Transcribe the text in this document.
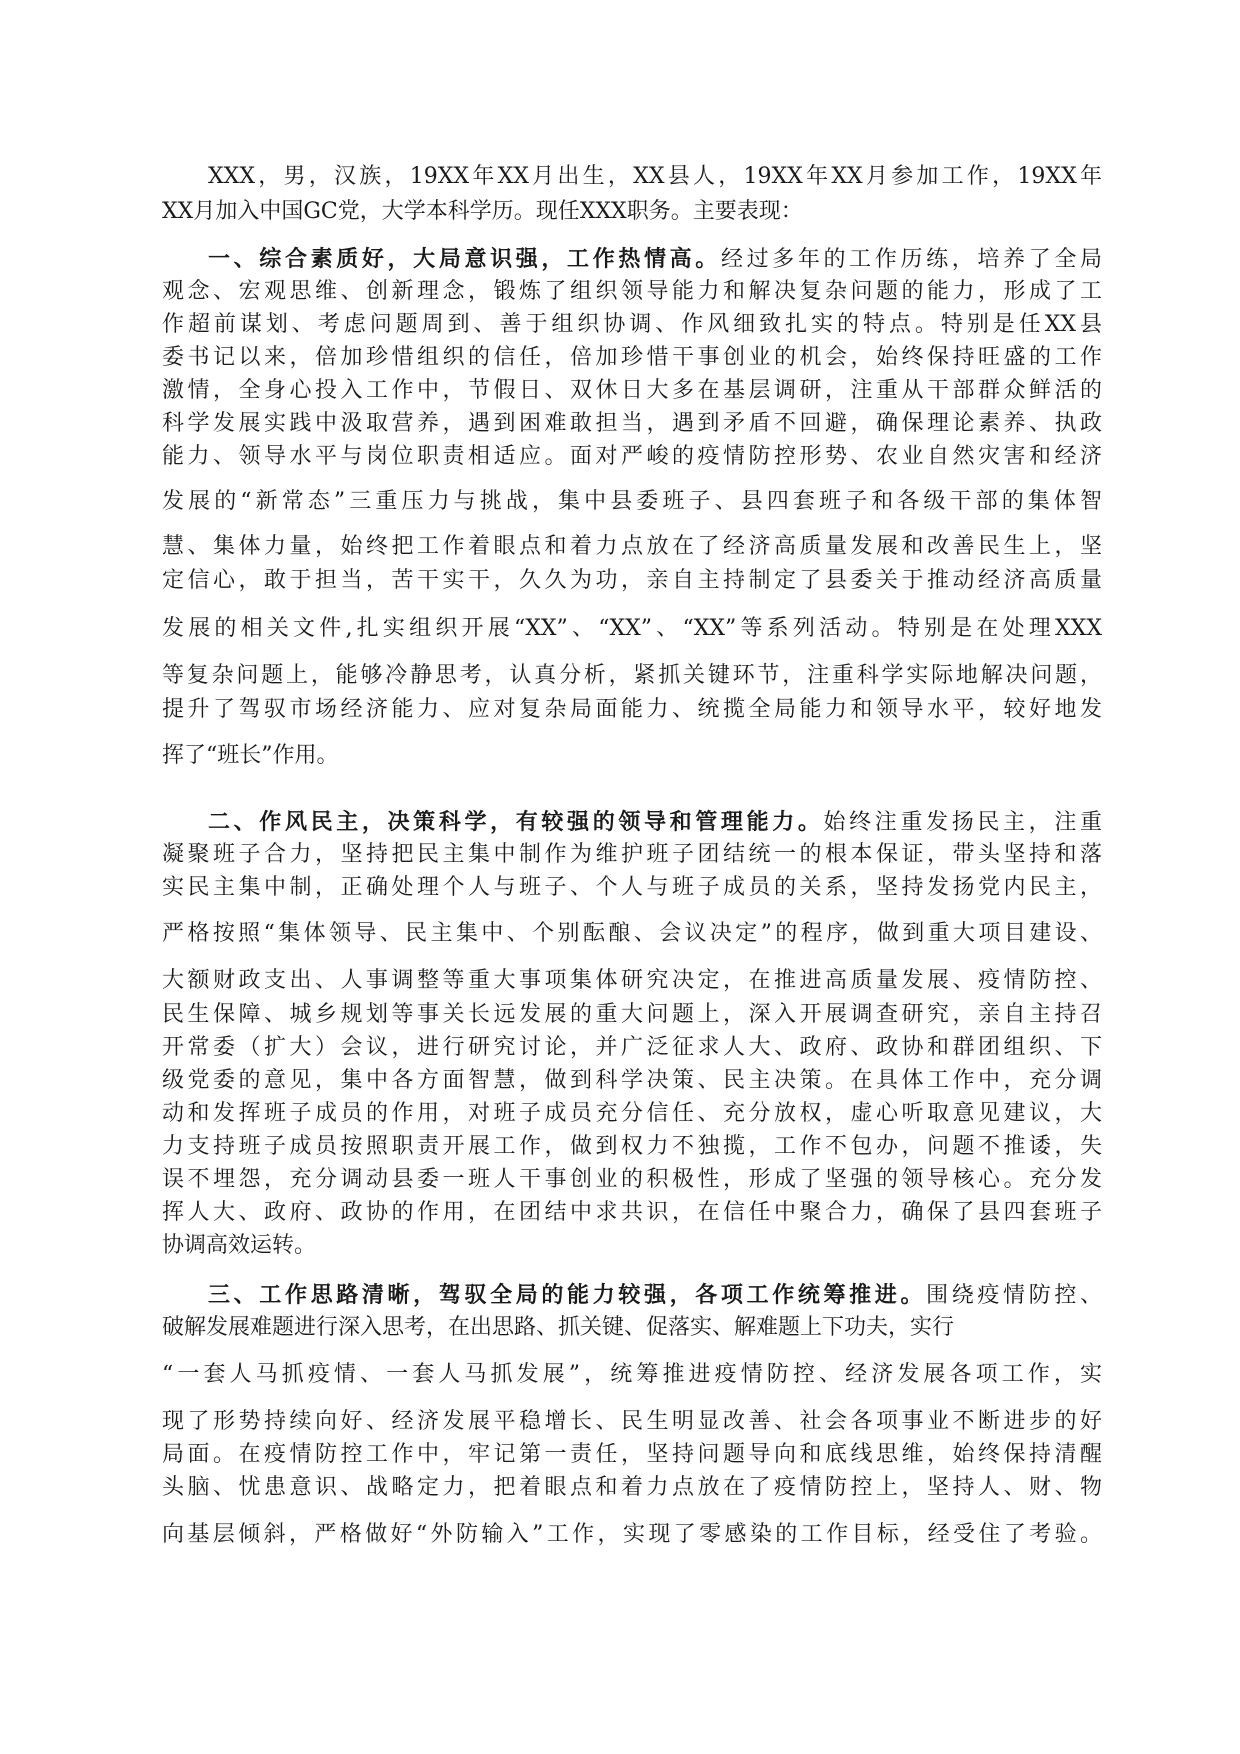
XXX，男，汉族，19XX年XX月出生，XX县人，19XX年XX月参加工作，19XX年
XX月加入中国GC党，大学本科学历。现任XXX职务。主要表现：
一、综合素质好，大局意识强，工作热情高。经过多年的工作历练，培养了全局
观念、宏观思维、创新理念，锻炼了组织领导能力和解决复杂问题的能力，形成了工
作超前谋划、考虑问题周到、善于组织协调、作风细致扎实的特点。特别是任XX县
委书记以来，倍加珍惜组织的信任，倍加珍惜干事创业的机会，始终保持旺盛的工作
激情，全身心投入工作中，节假日、双休日大多在基层调研，注重从干部群众鲜活的
科学发展实践中汲取营养，遇到困难敢担当，遇到矛盾不回避，确保理论素养、执政
能力、领导水平与岗位职责相适应。面对严峻的疫情防控形势、农业自然灾害和经济
发展的“新常态”三重压力与挑战，集中县委班子、县四套班子和各级干部的集体智
慧、集体力量，始终把工作着眼点和着力点放在了经济高质量发展和改善民生上，坚
定信心，敢于担当，苦干实干，久久为功，亲自主持制定了县委关于推动经济高质量
发展的相关文件,扎实组织开展“XX”、“XX”、“XX”等系列活动。特别是在处理XXX
等复杂问题上，能够冷静思考，认真分析，紧抓关键环节，注重科学实际地解决问题，
提升了驾驭市场经济能力、应对复杂局面能力、统揽全局能力和领导水平，较好地发
挥了“班长”作用。
二、作风民主，决策科学，有较强的领导和管理能力。始终注重发扬民主，注重
凝聚班子合力，坚持把民主集中制作为维护班子团结统一的根本保证，带头坚持和落
实民主集中制，正确处理个人与班子、个人与班子成员的关系，坚持发扬党内民主，
严格按照“集体领导、民主集中、个别酝酿、会议决定”的程序，做到重大项目建设、
大额财政支出、人事调整等重大事项集体研究决定，在推进高质量发展、疫情防控、
民生保障、城乡规划等事关长远发展的重大问题上，深入开展调查研究，亲自主持召
开常委（扩大）会议，进行研究讨论，并广泛征求人大、政府、政协和群团组织、下
级党委的意见，集中各方面智慧，做到科学决策、民主决策。在具体工作中，充分调
动和发挥班子成员的作用，对班子成员充分信任、充分放权，虚心听取意见建议，大
力支持班子成员按照职责开展工作，做到权力不独揽，工作不包办，问题不推诿，失
误不埋怨，充分调动县委一班人干事创业的积极性，形成了坚强的领导核心。充分发
挥人大、政府、政协的作用，在团结中求共识，在信任中聚合力，确保了县四套班子
协调高效运转。
三、工作思路清晰，驾驭全局的能力较强，各项工作统筹推进。围绕疫情防控、
破解发展难题进行深入思考，在出思路、抓关键、促落实、解难题上下功夫，实行
“一套人马抓疫情、一套人马抓发展”，统筹推进疫情防控、经济发展各项工作，实
现了形势持续向好、经济发展平稳增长、民生明显改善、社会各项事业不断进步的好
局面。在疫情防控工作中，牢记第一责任，坚持问题导向和底线思维，始终保持清醒
头脑、忧患意识、战略定力，把着眼点和着力点放在了疫情防控上，坚持人、财、物
向基层倾斜，严格做好“外防输入”工作，实现了零感染的工作目标，经受住了考验。
